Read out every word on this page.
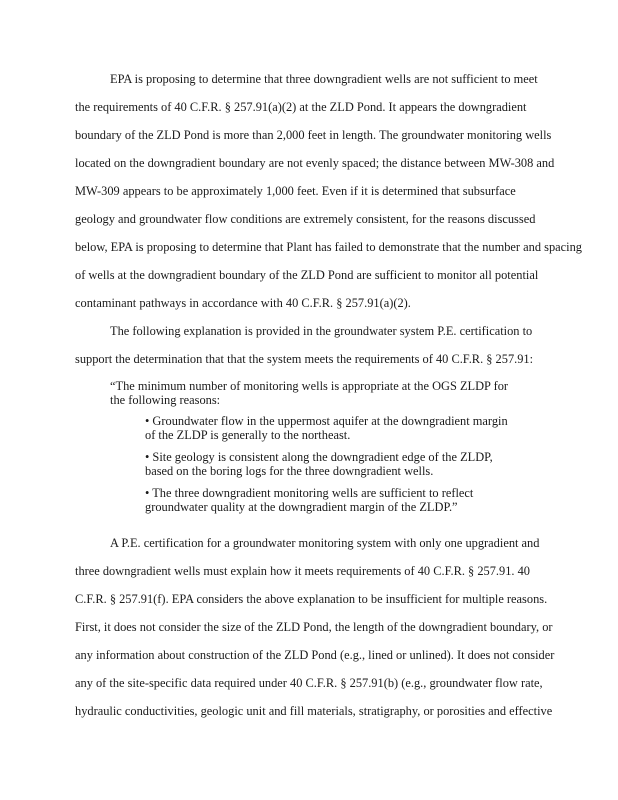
EPA is proposing to determine that three downgradient wells are not sufficient to meet
the requirements of 40 C.F.R. § 257.91(a)(2) at the ZLD Pond. It appears the downgradient
boundary of the ZLD Pond is more than 2,000 feet in length. The groundwater monitoring wells
located on the downgradient boundary are not evenly spaced; the distance between MW-308 and
MW-309 appears to be approximately 1,000 feet. Even if it is determined that subsurface
geology and groundwater flow conditions are extremely consistent, for the reasons discussed
below, EPA is proposing to determine that Plant has failed to demonstrate that the number and spacing
of wells at the downgradient boundary of the ZLD Pond are sufficient to monitor all potential
contaminant pathways in accordance with 40 C.F.R. § 257.91(a)(2).
The following explanation is provided in the groundwater system P.E. certification to
support the determination that that the system meets the requirements of 40 C.F.R. § 257.91:
“The minimum number of monitoring wells is appropriate at the OGS ZLDP for
the following reasons:
• Groundwater flow in the uppermost aquifer at the downgradient margin
of the ZLDP is generally to the northeast.
• Site geology is consistent along the downgradient edge of the ZLDP,
based on the boring logs for the three downgradient wells.
• The three downgradient monitoring wells are sufficient to reflect
groundwater quality at the downgradient margin of the ZLDP.”
A P.E. certification for a groundwater monitoring system with only one upgradient and
three downgradient wells must explain how it meets requirements of 40 C.F.R. § 257.91. 40
C.F.R. § 257.91(f). EPA considers the above explanation to be insufficient for multiple reasons.
First, it does not consider the size of the ZLD Pond, the length of the downgradient boundary, or
any information about construction of the ZLD Pond (e.g., lined or unlined). It does not consider
any of the site-specific data required under 40 C.F.R. § 257.91(b) (e.g., groundwater flow rate,
hydraulic conductivities, geologic unit and fill materials, stratigraphy, or porosities and effective
